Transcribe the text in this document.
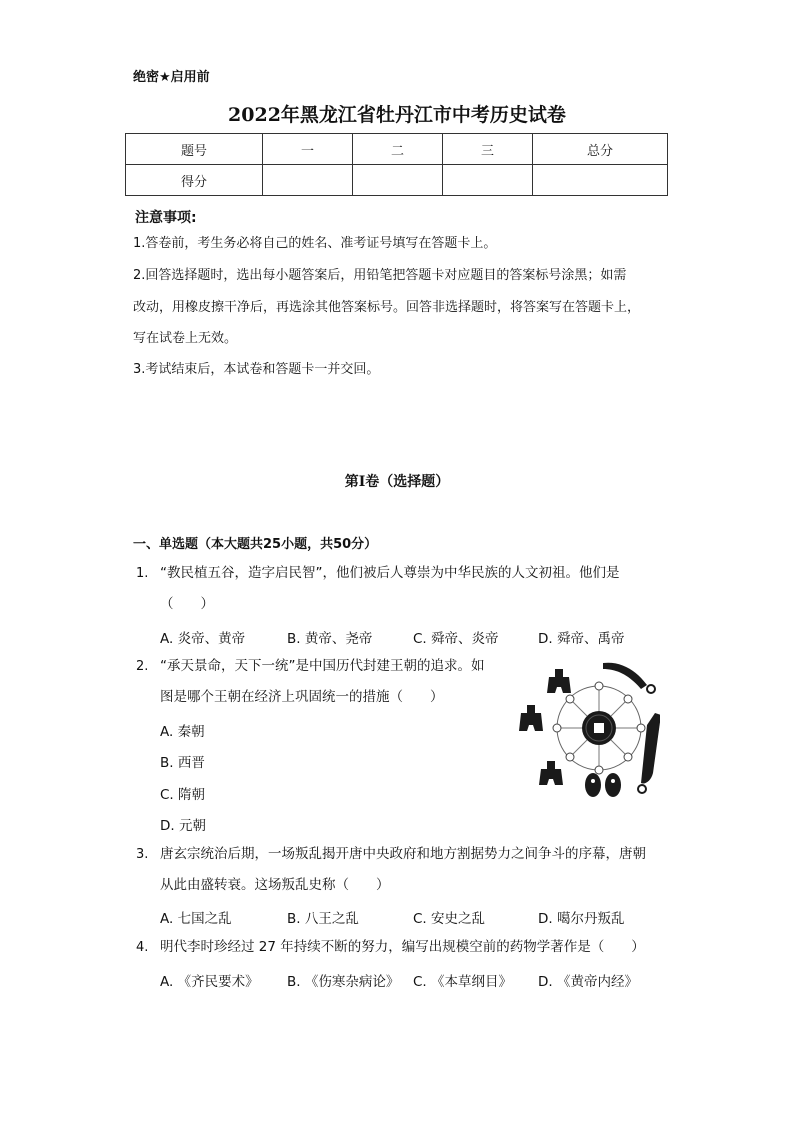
绝密★启用前
2022年黑龙江省牡丹江市中考历史试卷
题号	一	二	三	总分
得分				
注意事项:
1.答卷前，考生务必将自己的姓名、准考证号填写在答题卡上。
2.回答选择题时，选出每小题答案后，用铅笔把答题卡对应题目的答案标号涂黑；如需
改动，用橡皮擦干净后，再选涂其他答案标号。回答非选择题时，将答案写在答题卡上，
写在试卷上无效。
3.考试结束后，本试卷和答题卡一并交回。
第Ⅰ卷（选择题）
一、单选题（本大题共25小题，共50分）
1. “教民植五谷，造字启民智”，他们被后人尊崇为中华民族的人文初祖。他们是
（　　）
A. 炎帝、黄帝	B. 黄帝、尧帝	C. 舜帝、炎帝	D. 舜帝、禹帝
2. “承天景命，天下一统”是中国历代封建王朝的追求。如
图是哪个王朝在经济上巩固统一的措施（　　）
A. 秦朝
B. 西晋
C. 隋朝
D. 元朝
3. 唐玄宗统治后期，一场叛乱揭开唐中央政府和地方割据势力之间争斗的序幕，唐朝
从此由盛转衰。这场叛乱史称（　　）
A. 七国之乱	B. 八王之乱	C. 安史之乱	D. 噶尔丹叛乱
4. 明代李时珍经过 27 年持续不断的努力，编写出规模空前的药物学著作是（　　）
A. 《齐民要术》 B. 《伤寒杂病论》 C. 《本草纲目》 D. 《黄帝内经》
